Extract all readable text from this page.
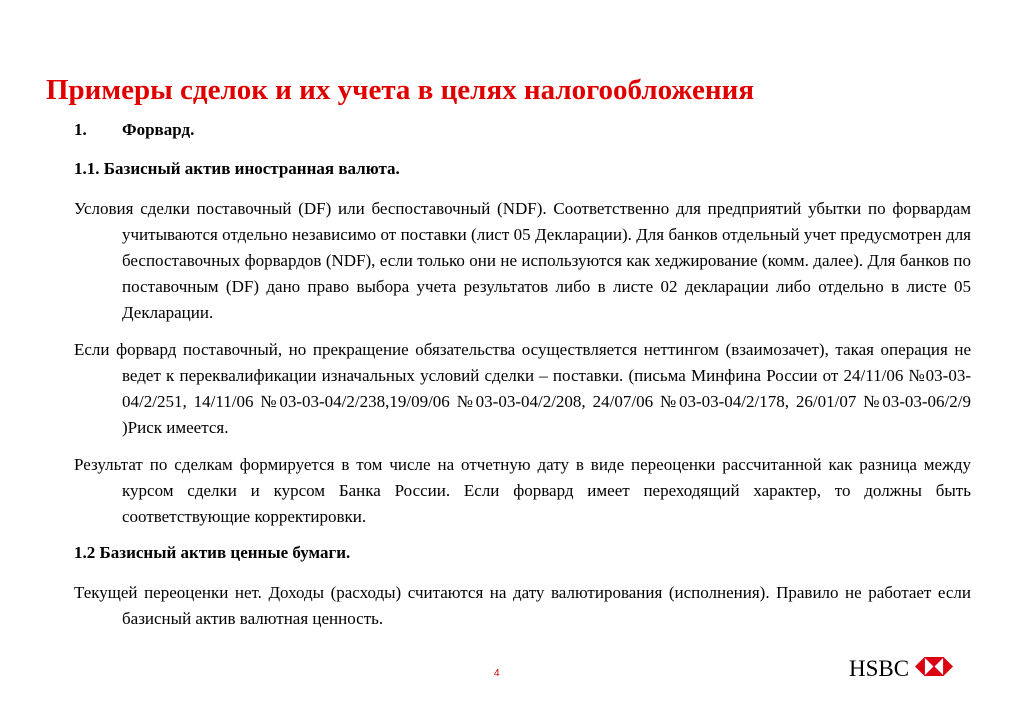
Примеры сделок и их учета в целях налогообложения
1.	Форвард.
1.1. Базисный актив иностранная валюта.

Условия сделки поставочный (DF) или беспоставочный (NDF). Соответственно для предприятий убытки по форвардам учитываются отдельно независимо от поставки (лист 05 Декларации). Для банков отдельный учет предусмотрен для беспоставочных форвардов (NDF), если только они не используются как хеджирование (комм. далее). Для банков по поставочным (DF) дано право выбора учета результатов либо в листе 02 декларации либо отдельно в листе 05 Декларации.

Если форвард поставочный, но прекращение обязательства осуществляется неттингом (взаимозачет), такая операция не ведет к переквалификации изначальных условий сделки – поставки. (письма Минфина России от 24/11/06 №03-03-04/2/251, 14/11/06 №03-03-04/2/238,19/09/06 №03-03-04/2/208, 24/07/06 №03-03-04/2/178, 26/01/07 №03-03-06/2/9 )Риск имеется.

Результат по сделкам формируется в том числе на отчетную дату в виде переоценки рассчитанной как разница между курсом сделки и курсом Банка России. Если форвард имеет переходящий характер, то должны быть соответствующие корректировки.

1.2 Базисный актив ценные бумаги.

Текущей переоценки нет. Доходы (расходы) считаются на дату валютирования (исполнения). Правило не работает если базисный актив валютная ценность.

4	HSBC
